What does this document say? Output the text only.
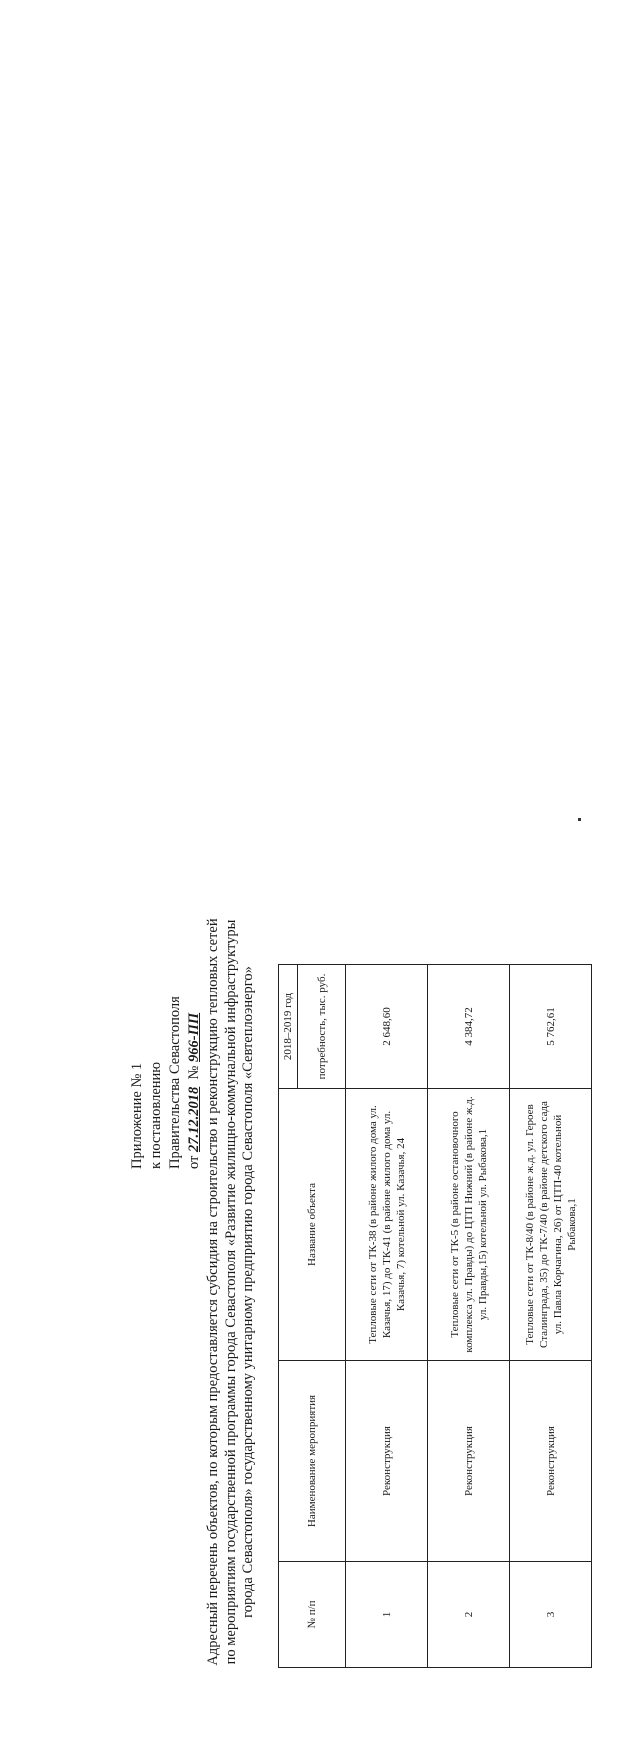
Приложение № 1 к постановлению Правительства Севастополя от 27.12.2018  № 966-ПП Адресный перечень объектов, по которым предоставляется субсидия на строительство и реконструкцию тепловых сетей по мероприятиям государственной программы города Севастополя «Развитие жилищно-коммунальной инфраструктуры города Севастополя» государственному унитарному предприятию города Севастополя «Севтеплоэнерго»	№ п/п	Наименование мероприятия	Название объекта	2018–2019 год
			потребность, тыс. руб.
1	Реконструкция	Тепловые сети от ТК-38 (в районе жилого дома ул. Казачья, 17) до ТК-41 (в районе жилого дома ул. Казачья, 7) котельной ул. Казачья, 24	2 648,60
2	Реконструкция	Тепловые сети от ТК-5 (в районе остановочного комплекса ул. Правды) до ЦТП Нижний (в районе ж.д. ул. Правды,15) котельной ул. Рыбакова,1	4 384,72
3	Реконструкция	Тепловые сети от ТК-8/40 (в районе ж.д. ул. Героев Сталинграда, 35) до ТК-7/40 (в районе детского сада ул. Павла Корчагина, 26) от ЦТП-40 котельной Рыбакова,1	5 762,61
